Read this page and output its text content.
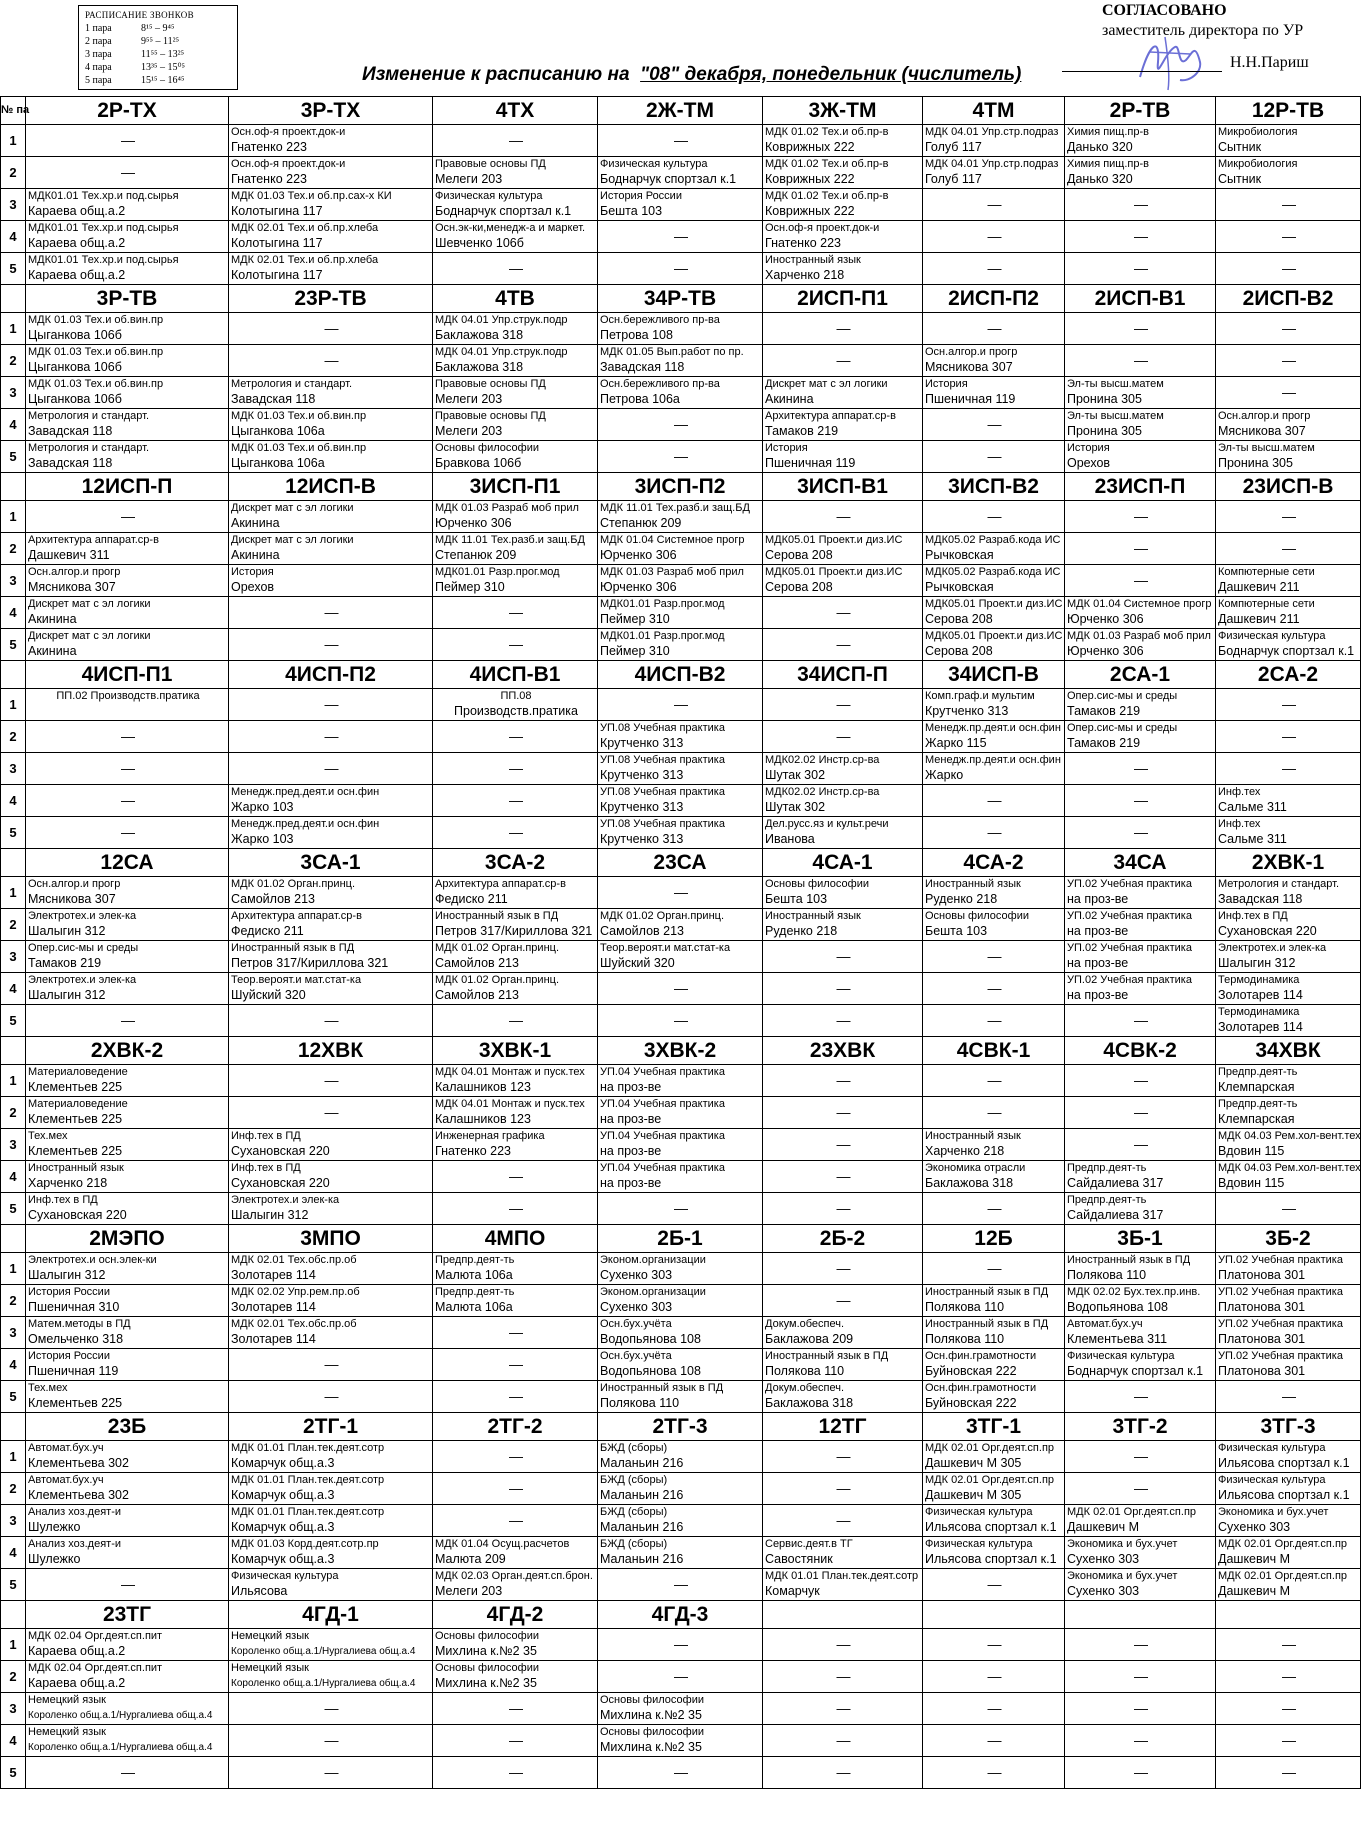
РАСПИСАНИЕ ЗВОНКОВ
1 пара	8¹⁵ – 9⁴⁵
2 пара	9⁵⁵ – 11²⁵
3 пара	11⁵⁵ – 13²⁵
4 пара	13³⁵ – 15⁰⁵
5 пара	15¹⁵ – 16⁴⁵
СОГЛАСОВАНО
заместитель директора по УР
Н.Н.Париш
Изменение к расписанию на "08" декабря, понедельник (числитель)
№ па	2Р-ТХ	3Р-ТХ	4ТХ	2Ж-ТМ	3Ж-ТМ	4ТМ	2Р-ТВ	12Р-ТВ
1	—	Осн.оф-я проект.док-и
Гнатенко 223	—	—	МДК 01.02 Тех.и об.пр-в
Коврижных 222	МДК 04.01 Упр.стр.подраз
Голуб 117	Химия пищ.пр-в
Данько 320	Микробиология
Сытник

2	—	Осн.оф-я проект.док-и
Гнатенко 223	Правовые основы ПД
Мелеги 203	Физическая культура
Боднарчук спортзал к.1	МДК 01.02 Тех.и об.пр-в
Коврижных 222	МДК 04.01 Упр.стр.подраз
Голуб 117	Химия пищ.пр-в
Данько 320	Микробиология
Сытник

3	МДК01.01 Тех.хр.и под.сырья
Караева общ.а.2	МДК 01.03 Тех.и об.пр.сах-х КИ
Колотыгина 117	Физическая культура
Боднарчук спортзал к.1	История России
Бешта 103	МДК 01.02 Тех.и об.пр-в
Коврижных 222	—	—	—
4	МДК01.01 Тех.хр.и под.сырья
Караева общ.а.2	МДК 02.01 Тех.и об.пр.хлеба
Колотыгина 117	Осн.эк-ки,менедж-а и маркет.
Шевченко 106б	—	Осн.оф-я проект.док-и
Гнатенко 223	—	—	—
5	МДК01.01 Тех.хр.и под.сырья
Караева общ.а.2	МДК 02.01 Тех.и об.пр.хлеба
Колотыгина 117	—	—	Иностранный язык
Харченко 218	—	—	—
	3Р-ТВ	23Р-ТВ	4ТВ	34Р-ТВ	2ИСП-П1	2ИСП-П2	2ИСП-В1	2ИСП-В2
1	МДК 01.03 Тех.и об.вин.пр
Цыганкова 106б	—	МДК 04.01 Упр.струк.подр
Баклажова 318	Осн.бережливого пр-ва
Петрова 108	—	—	—	—
2	МДК 01.03 Тех.и об.вин.пр
Цыганкова 106б	—	МДК 04.01 Упр.струк.подр
Баклажова 318	МДК 01.05 Вып.работ по пр.
Завадская 118	—	Осн.алгор.и прогр
Мясникова 307	—	—
3	МДК 01.03 Тех.и об.вин.пр
Цыганкова 106б	Метрология и стандарт.
Завадская 118	Правовые основы ПД
Мелеги 203	Осн.бережливого пр-ва
Петрова 106а	Дискрет мат с эл логики
Акинина	История
Пшеничная 119	Эл-ты высш.матем
Пронина 305	—
4	Метрология и стандарт.
Завадская 118	МДК 01.03 Тех.и об.вин.пр
Цыганкова 106а	Правовые основы ПД
Мелеги 203	—	Архитектура аппарат.ср-в
Тамаков 219	—	Эл-ты высш.матем
Пронина 305	Осн.алгор.и прогр
Мясникова 307

5	Метрология и стандарт.
Завадская 118	МДК 01.03 Тех.и об.вин.пр
Цыганкова 106а	Основы философии
Бравкова 106б	—	История
Пшеничная 119	—	История
Орехов	Эл-ты высш.матем
Пронина 305

	12ИСП-П	12ИСП-В	3ИСП-П1	3ИСП-П2	3ИСП-В1	3ИСП-В2	23ИСП-П	23ИСП-В
1	—	Дискрет мат с эл логики
Акинина	МДК 01.03 Разраб моб прил
Юрченко 306	МДК 11.01 Тех.разб.и защ.БД
Степанюк 209	—	—	—	—
2	Архитектура аппарат.ср-в
Дашкевич 311	Дискрет мат с эл логики
Акинина	МДК 11.01 Тех.разб.и защ.БД
Степанюк 209	МДК 01.04 Системное прогр
Юрченко 306	МДК05.01 Проект.и диз.ИС
Серова 208	МДК05.02 Разраб.кода ИС
Рычковская	—	—
3	Осн.алгор.и прогр
Мясникова 307	История
Орехов	МДК01.01 Разр.прог.мод
Пеймер 310	МДК 01.03 Разраб моб прил
Юрченко 306	МДК05.01 Проект.и диз.ИС
Серова 208	МДК05.02 Разраб.кода ИС
Рычковская	—	Компютерные сети
Дашкевич 211

4	Дискрет мат с эл логики
Акинина	—	—	МДК01.01 Разр.прог.мод
Пеймер 310	—	МДК05.01 Проект.и диз.ИС
Серова 208	МДК 01.04 Системное прогр
Юрченко 306	Компютерные сети
Дашкевич 211

5	Дискрет мат с эл логики
Акинина	—	—	МДК01.01 Разр.прог.мод
Пеймер 310	—	МДК05.01 Проект.и диз.ИС
Серова 208	МДК 01.03 Разраб моб прил
Юрченко 306	Физическая культура
Боднарчук спортзал к.1

	4ИСП-П1	4ИСП-П2	4ИСП-В1	4ИСП-В2	34ИСП-П	34ИСП-В	2СА-1	2СА-2
1	ПП.02 Производств.пратика	—	ПП.08
Производств.пратика	—	—	Комп.граф.и мультим
Крутченко 313	Опер.сис-мы и среды
Тамаков 219	—
2	—	—	—	УП.08 Учебная практика
Крутченко 313	—	Менедж.пр.деят.и осн.фин
Жарко 115	Опер.сис-мы и среды
Тамаков 219	—
3	—	—	—	УП.08 Учебная практика
Крутченко 313	МДК02.02 Инстр.ср-ва
Шутак 302	Менедж.пр.деят.и осн.фин
Жарко	—	—
4	—	Менедж.пред.деят.и осн.фин
Жарко 103	—	УП.08 Учебная практика
Крутченко 313	МДК02.02 Инстр.ср-ва
Шутак 302	—	—	Инф.тех
Сальме 311

5	—	Менедж.пред.деят.и осн.фин
Жарко 103	—	УП.08 Учебная практика
Крутченко 313	Дел.русс.яз и культ.речи
Иванова	—	—	Инф.тех
Сальме 311

	12СА	3СА-1	3СА-2	23СА	4СА-1	4СА-2	34СА	2ХВК-1
1	Осн.алгор.и прогр
Мясникова 307	МДК 01.02 Орган.принц.
Самойлов 213	Архитектура аппарат.ср-в
Федиско 211	—	Основы философии
Бешта 103	Иностранный язык
Руденко 218	УП.02 Учебная практика
на проз-ве	Метрология и стандарт.
Завадская 118

2	Электротех.и элек-ка
Шалыгин 312	Архитектура аппарат.ср-в
Федиско 211	Иностранный язык в ПД
Петров 317/Кириллова 321	МДК 01.02 Орган.принц.
Самойлов 213	Иностранный язык
Руденко 218	Основы философии
Бешта 103	УП.02 Учебная практика
на проз-ве	Инф.тех в ПД
Сухановская 220

3	Опер.сис-мы и среды
Тамаков 219	Иностранный язык в ПД
Петров 317/Кириллова 321	МДК 01.02 Орган.принц.
Самойлов 213	Теор.вероят.и мат.стат-ка
Шуйский 320	—	—	УП.02 Учебная практика
на проз-ве	Электротех.и элек-ка
Шалыгин 312

4	Электротех.и элек-ка
Шалыгин 312	Теор.вероят.и мат.стат-ка
Шуйский 320	МДК 01.02 Орган.принц.
Самойлов 213	—	—	—	УП.02 Учебная практика
на проз-ве	Термодинамика
Золотарев 114

5	—	—	—	—	—	—	—	Термодинамика
Золотарев 114

	2ХВК-2	12ХВК	3ХВК-1	3ХВК-2	23ХВК	4СВК-1	4СВК-2	34ХВК
1	Материаловедение
Клементьев 225	—	МДК 04.01 Монтаж и пуск.тех
Калашников 123	УП.04 Учебная практика
на проз-ве	—	—	—	Предпр.деят-ть
Клемпарская

2	Материаловедение
Клементьев 225	—	МДК 04.01 Монтаж и пуск.тех
Калашников 123	УП.04 Учебная практика
на проз-ве	—	—	—	Предпр.деят-ть
Клемпарская

3	Тех.мех
Клементьев 225	Инф.тех в ПД
Сухановская 220	Инженерная графика
Гнатенко 223	УП.04 Учебная практика
на проз-ве	—	Иностранный язык
Харченко 218	—	МДК 04.03 Рем.хол-вент.тех
Вдовин 115

4	Иностранный язык
Харченко 218	Инф.тех в ПД
Сухановская 220	—	УП.04 Учебная практика
на проз-ве	—	Экономика отрасли
Баклажова 318	Предпр.деят-ть
Сайдалиева 317	МДК 04.03 Рем.хол-вент.тех
Вдовин 115

5	Инф.тех в ПД
Сухановская 220	Электротех.и элек-ка
Шалыгин 312	—	—	—	—	Предпр.деят-ть
Сайдалиева 317	—
	2МЭПО	3МПО	4МПО	2Б-1	2Б-2	12Б	3Б-1	3Б-2
1	Электротех.и осн.элек-ки
Шалыгин 312	МДК 02.01 Тех.обс.пр.об
Золотарев 114	Предпр.деят-ть
Малюта 106а	Эконом.организации
Сухенко 303	—	—	Иностранный язык в ПД
Полякова 110	УП.02 Учебная практика
Платонова 301

2	История России
Пшеничная 310	МДК 02.02 Упр.рем.пр.об
Золотарев 114	Предпр.деят-ть
Малюта 106а	Эконом.организации
Сухенко 303	—	Иностранный язык в ПД
Полякова 110	МДК 02.02 Бух.тех.пр.инв.
Водопьянова 108	УП.02 Учебная практика
Платонова 301

3	Матем.методы в ПД
Омельченко 318	МДК 02.01 Тех.обс.пр.об
Золотарев 114	—	Осн.бух.учёта
Водопьянова 108	Докум.обеспеч.
Баклажова 209	Иностранный язык в ПД
Полякова 110	Автомат.бух.уч
Клементьева 311	УП.02 Учебная практика
Платонова 301

4	История России
Пшеничная 119	—	—	Осн.бух.учёта
Водопьянова 108	Иностранный язык в ПД
Полякова 110	Осн.фин.грамотности
Буйновская 222	Физическая культура
Боднарчук спортзал к.1	УП.02 Учебная практика
Платонова 301

5	Тех.мех
Клементьев 225	—	—	Иностранный язык в ПД
Полякова 110	Докум.обеспеч.
Баклажова 318	Осн.фин.грамотности
Буйновская 222	—	—
	23Б	2ТГ-1	2ТГ-2	2ТГ-3	12ТГ	3ТГ-1	3ТГ-2	3ТГ-3
1	Автомат.бух.уч
Клементьева 302	МДК 01.01 План.тек.деят.сотр
Комарчук общ.а.3	—	БЖД (сборы)
Маланьин 216	—	МДК 02.01 Орг.деят.сп.пр
Дашкевич М 305	—	Физическая культура
Ильясова спортзал к.1

2	Автомат.бух.уч
Клементьева 302	МДК 01.01 План.тек.деят.сотр
Комарчук общ.а.3	—	БЖД (сборы)
Маланьин 216	—	МДК 02.01 Орг.деят.сп.пр
Дашкевич М 305	—	Физическая культура
Ильясова спортзал к.1

3	Анализ хоз.деят-и
Шулежко	МДК 01.01 План.тек.деят.сотр
Комарчук общ.а.3	—	БЖД (сборы)
Маланьин 216	—	Физическая культура
Ильясова спортзал к.1	МДК 02.01 Орг.деят.сп.пр
Дашкевич М	Экономика и бух.учет
Сухенко 303

4	Анализ хоз.деят-и
Шулежко	МДК 01.03 Корд.деят.сотр.пр
Комарчук общ.а.3	МДК 01.04 Осущ.расчетов
Малюта 209	БЖД (сборы)
Маланьин 216	Сервис.деят.в ТГ
Савостяник	Физическая культура
Ильясова спортзал к.1	Экономика и бух.учет
Сухенко 303	МДК 02.01 Орг.деят.сп.пр
Дашкевич М

5	—	Физическая культура
Ильясова	МДК 02.03 Орган.деят.сп.брон.
Мелеги 203	—	МДК 01.01 План.тек.деят.сотр
Комарчук	—	Экономика и бух.учет
Сухенко 303	МДК 02.01 Орг.деят.сп.пр
Дашкевич М

	23ТГ	4ГД-1	4ГД-2	4ГД-3				
1	МДК 02.04 Орг.деят.сп.пит
Караева общ.а.2	Немецкий язык
Короленко общ.а.1/Нургалиева общ.а.4	Основы философии
Михлина к.№2 35	—	—	—	—	—
2	МДК 02.04 Орг.деят.сп.пит
Караева общ.а.2	Немецкий язык
Короленко общ.а.1/Нургалиева общ.а.4	Основы философии
Михлина к.№2 35	—	—	—	—	—
3	Немецкий язык
Короленко общ.а.1/Нургалиева общ.а.4	—	—	Основы философии
Михлина к.№2 35	—	—	—	—
4	Немецкий язык
Короленко общ.а.1/Нургалиева общ.а.4	—	—	Основы философии
Михлина к.№2 35	—	—	—	—
5	—	—	—	—	—	—	—	—
